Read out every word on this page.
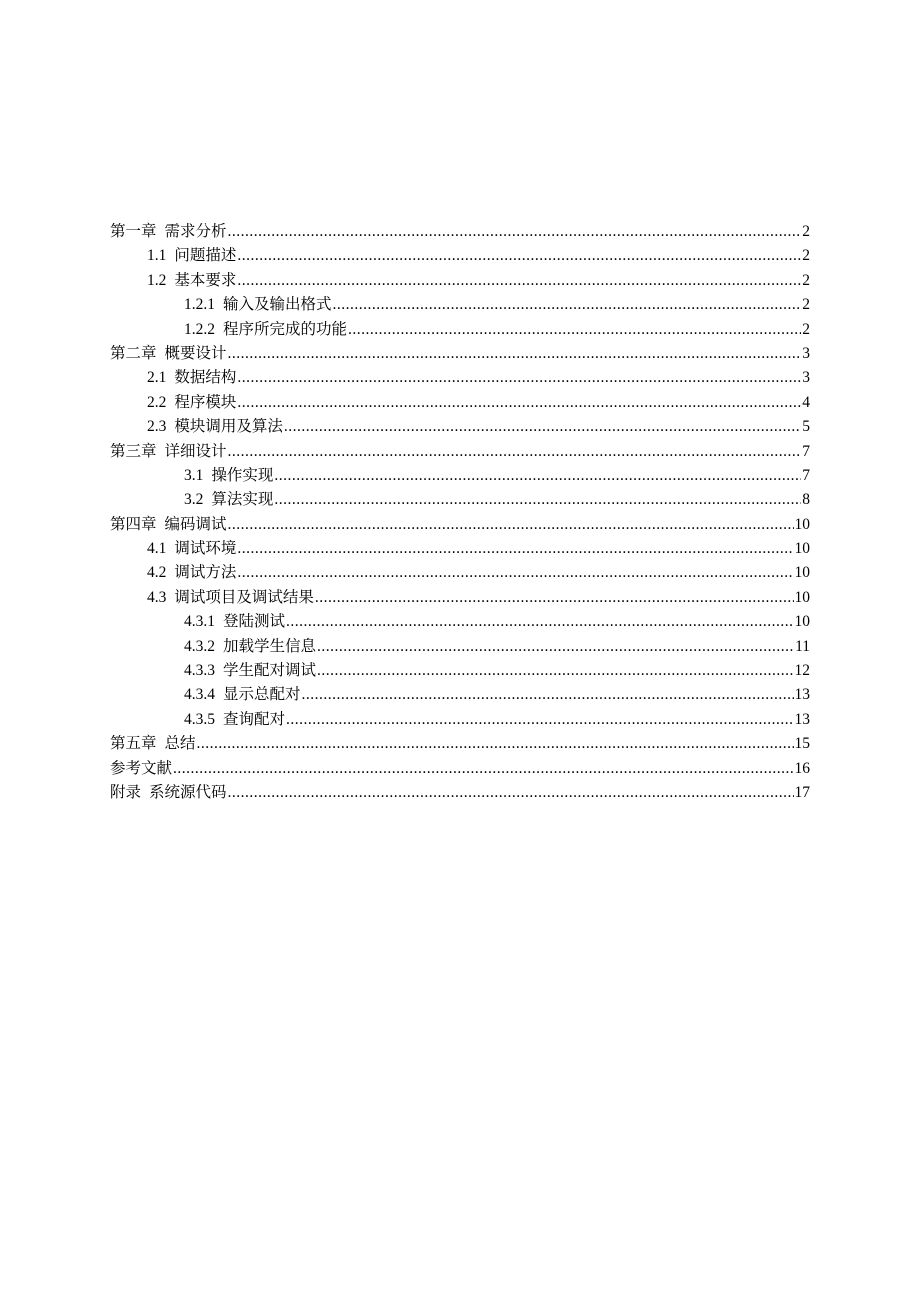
第一章 需求分析 .....	2
1.1 问题描述 .....	2
1.2 基本要求 .....	2
1.2.1 输入及输出格式 .....	2
1.2.2 程序所完成的功能 .....	2
第二章 概要设计 .....	3
2.1 数据结构 .....	3
2.2 程序模块 .....	4
2.3 模块调用及算法 .....	5
第三章 详细设计 .....	7
3.1 操作实现 .....	7
3.2 算法实现 .....	8
第四章 编码调试 .....	10
4.1 调试环境 .....	10
4.2 调试方法 .....	10
4.3 调试项目及调试结果 .....	10
4.3.1 登陆测试 .....	10
4.3.2 加载学生信息 .....	11
4.3.3 学生配对调试 .....	12
4.3.4 显示总配对 .....	13
4.3.5 查询配对 .....	13
第五章 总结 .....	15
参考文献 .....	16
附录 系统源代码 .....	17
